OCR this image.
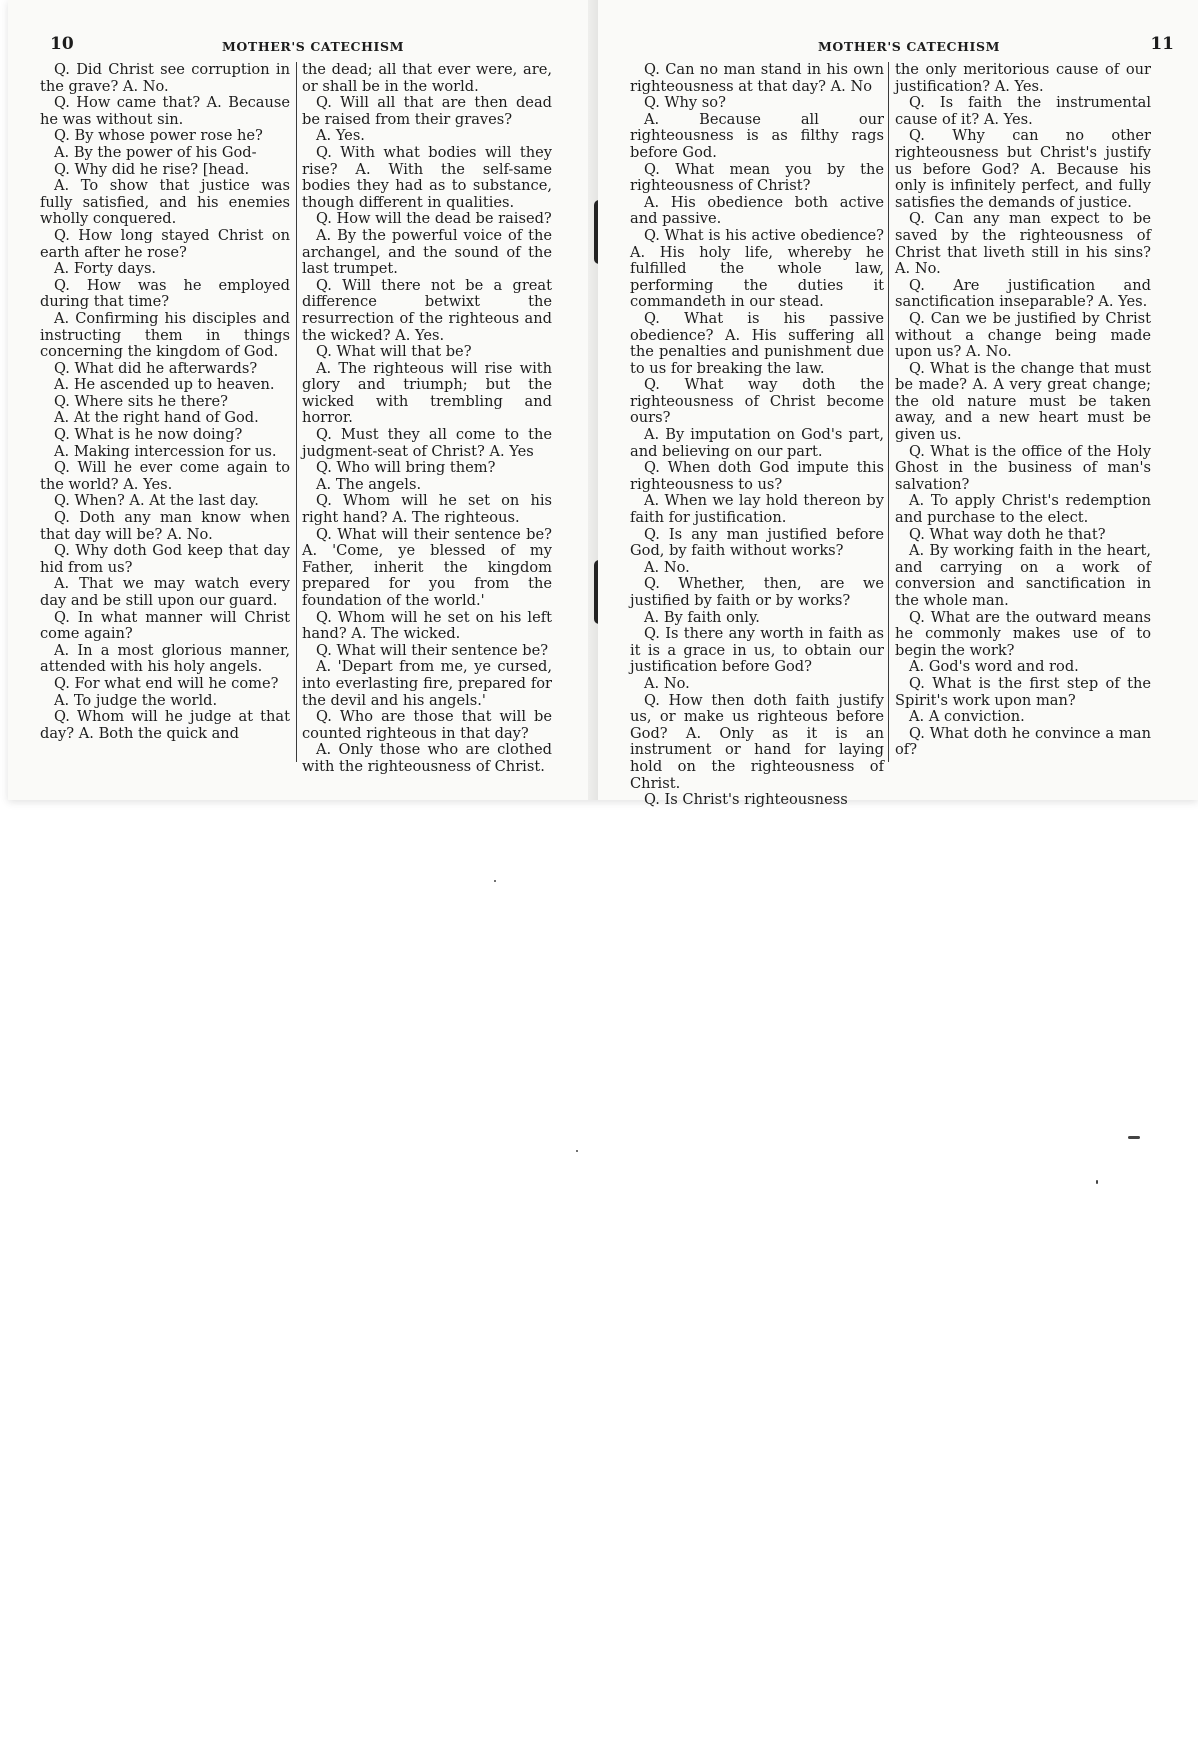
10	MOTHER'S CATECHISM

Q. Did Christ see corruption in the grave? A. No.

Q. How came that? A. Because he was without sin.

Q. By whose power rose he?

A. By the power of his God-

Q. Why did he rise? [head.

A. To show that justice was fully satisfied, and his enemies wholly conquered.

Q. How long stayed Christ on earth after he rose?

A. Forty days.

Q. How was he employed during that time?

A. Confirming his disciples and instructing them in things concerning the kingdom of God.

Q. What did he afterwards?

A. He ascended up to heaven.

Q. Where sits he there?

A. At the right hand of God.

Q. What is he now doing?

A. Making intercession for us.

Q. Will he ever come again to the world? A. Yes.

Q. When? A. At the last day.

Q. Doth any man know when that day will be? A. No.

Q. Why doth God keep that day hid from us?

A. That we may watch every day and be still upon our guard.

Q. In what manner will Christ come again?

A. In a most glorious manner, attended with his holy angels.

Q. For what end will he come?

A. To judge the world.

Q. Whom will he judge at that day? A. Both the quick and

the dead; all that ever were, are, or shall be in the world.

Q. Will all that are then dead be raised from their graves?

A. Yes.

Q. With what bodies will they rise? A. With the self-same bodies they had as to substance, though different in qualities.

Q. How will the dead be raised?

A. By the powerful voice of the archangel, and the sound of the last trumpet.

Q. Will there not be a great difference betwixt the resurrection of the righteous and the wicked? A. Yes.

Q. What will that be?

A. The righteous will rise with glory and triumph; but the wicked with trembling and horror.

Q. Must they all come to the judgment-seat of Christ? A. Yes

Q. Who will bring them?

A. The angels.

Q. Whom will he set on his right hand? A. The righteous.

Q. What will their sentence be? A. 'Come, ye blessed of my Father, inherit the kingdom prepared for you from the foundation of the world.'

Q. Whom will he set on his left hand? A. The wicked.

Q. What will their sentence be?

A. 'Depart from me, ye cursed, into everlasting fire, prepared for the devil and his angels.'

Q. Who are those that will be counted righteous in that day?

A. Only those who are clothed with the righteousness of Christ.

MOTHER'S CATECHISM	11

Q. Can no man stand in his own righteousness at that day? A. No

Q. Why so?

A. Because all our righteousness is as filthy rags before God.

Q. What mean you by the righteousness of Christ?

A. His obedience both active and passive.

Q. What is his active obedience? A. His holy life, whereby he fulfilled the whole law, performing the duties it commandeth in our stead.

Q. What is his passive obedience? A. His suffering all the penalties and punishment due to us for breaking the law.

Q. What way doth the righteousness of Christ become ours?

A. By imputation on God's part, and believing on our part.

Q. When doth God impute this righteousness to us?

A. When we lay hold thereon by faith for justification.

Q. Is any man justified before God, by faith without works?

A. No.

Q. Whether, then, are we justified by faith or by works?

A. By faith only.

Q. Is there any worth in faith as it is a grace in us, to obtain our justification before God?

A. No.

Q. How then doth faith justify us, or make us righteous before God? A. Only as it is an instrument or hand for laying hold on the righteousness of Christ.

Q. Is Christ's righteousness

the only meritorious cause of our justification? A. Yes.

Q. Is faith the instrumental cause of it? A. Yes.

Q. Why can no other righteousness but Christ's justify us before God? A. Because his only is infinitely perfect, and fully satisfies the demands of justice.

Q. Can any man expect to be saved by the righteousness of Christ that liveth still in his sins? A. No.

Q. Are justification and sanctification inseparable? A. Yes.

Q. Can we be justified by Christ without a change being made upon us? A. No.

Q. What is the change that must be made? A. A very great change; the old nature must be taken away, and a new heart must be given us.

Q. What is the office of the Holy Ghost in the business of man's salvation?

A. To apply Christ's redemption and purchase to the elect.

Q. What way doth he that?

A. By working faith in the heart, and carrying on a work of conversion and sanctification in the whole man.

Q. What are the outward means he commonly makes use of to begin the work?

A. God's word and rod.

Q. What is the first step of the Spirit's work upon man?

A. A conviction.

Q. What doth he convince a man of?
